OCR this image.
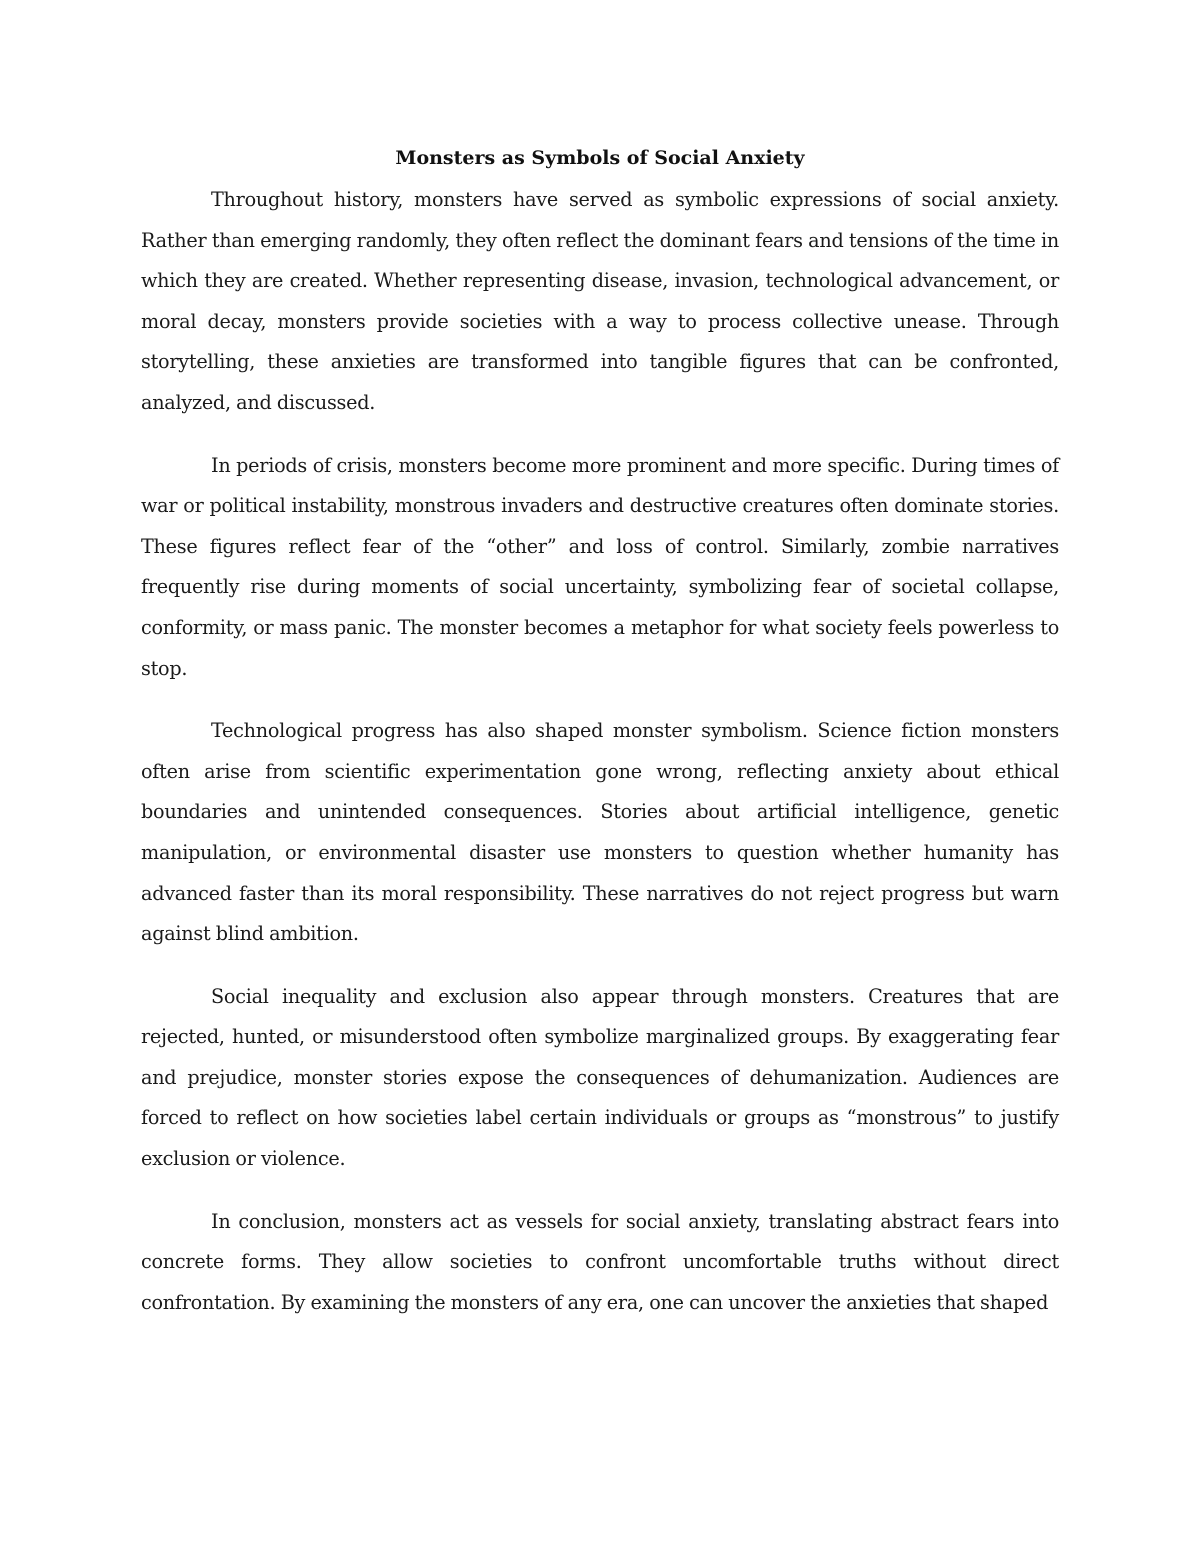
Monsters as Symbols of Social Anxiety

Throughout history, monsters have served as symbolic expressions of social anxiety. Rather than emerging randomly, they often reflect the dominant fears and tensions of the time in which they are created. Whether representing disease, invasion, technological advancement, or moral decay, monsters provide societies with a way to process collective unease. Through storytelling, these anxieties are transformed into tangible figures that can be confronted, analyzed, and discussed.

In periods of crisis, monsters become more prominent and more specific. During times of war or political instability, monstrous invaders and destructive creatures often dominate stories. These figures reflect fear of the “other” and loss of control. Similarly, zombie narratives frequently rise during moments of social uncertainty, symbolizing fear of societal collapse, conformity, or mass panic. The monster becomes a metaphor for what society feels powerless to stop.

Technological progress has also shaped monster symbolism. Science fiction monsters often arise from scientific experimentation gone wrong, reflecting anxiety about ethical boundaries and unintended consequences. Stories about artificial intelligence, genetic manipulation, or environmental disaster use monsters to question whether humanity has advanced faster than its moral responsibility. These narratives do not reject progress but warn against blind ambition.

Social inequality and exclusion also appear through monsters. Creatures that are rejected, hunted, or misunderstood often symbolize marginalized groups. By exaggerating fear and prejudice, monster stories expose the consequences of dehumanization. Audiences are forced to reflect on how societies label certain individuals or groups as “monstrous” to justify exclusion or violence.

In conclusion, monsters act as vessels for social anxiety, translating abstract fears into concrete forms. They allow societies to confront uncomfortable truths without direct confrontation. By examining the monsters of any era, one can uncover the anxieties that shaped
